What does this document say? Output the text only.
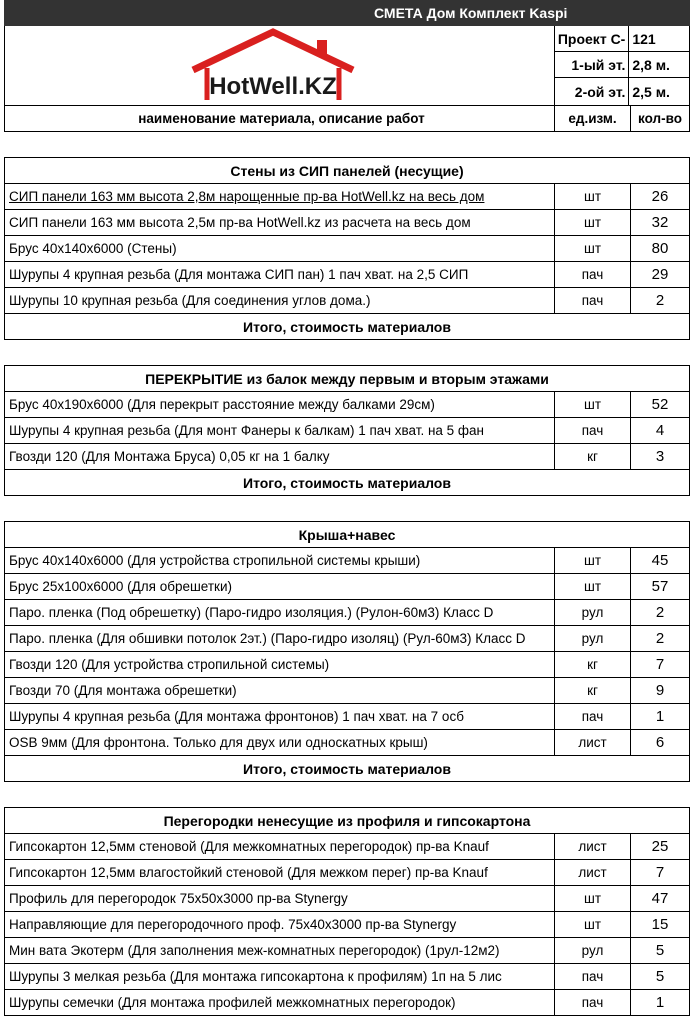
СМЕТА Дом Комплект Kaspi
HotWell.KZ
Проект С- 121
1-ый эт. 2,8 м.
2-ой эт. 2,5 м.
наименование материала, описание работ	ед.изм.	кол-во
Стены из СИП панелей (несущие)
СИП панели 163 мм высота 2,8м нарощенные пр-ва HotWell.kz на весь дом	шт	26
СИП панели 163 мм высота 2,5м пр-ва HotWell.kz из расчета на весь дом	шт	32
Брус 40х140х6000 (Стены)	шт	80
Шурупы 4 крупная резьба (Для монтажа СИП пан) 1 пач хват. на 2,5 СИП	пач	29
Шурупы 10 крупная резьба (Для соединения углов дома.)	пач	2
Итого, стоимость материалов
ПЕРЕКРЫТИЕ из балок между первым и вторым этажами
Брус 40х190х6000 (Для перекрыт расстояние между балками 29см)	шт	52
Шурупы 4 крупная резьба (Для монт Фанеры к балкам) 1 пач хват. на 5 фан	пач	4
Гвозди 120 (Для Монтажа Бруса) 0,05 кг на 1 балку	кг	3
Итого, стоимость материалов
Крыша+навес
Брус 40х140х6000 (Для устройства стропильной системы крыши)	шт	45
Брус 25х100х6000 (Для обрешетки)	шт	57
Паро. пленка (Под обрешетку) (Паро-гидро изоляция.) (Рулон-60м3) Класс D	рул	2
Паро. пленка (Для обшивки потолок 2эт.) (Паро-гидро изоляц) (Рул-60м3) Класс D	рул	2
Гвозди 120 (Для устройства стропильной системы)	кг	7
Гвозди 70 (Для монтажа обрешетки)	кг	9
Шурупы 4 крупная резьба (Для монтажа фронтонов) 1 пач хват. на 7 осб	пач	1
OSB 9мм (Для фронтона. Только для двух или односкатных крыш)	лист	6
Итого, стоимость материалов
Перегородки ненесущие из профиля и гипсокартона
Гипсокартон 12,5мм стеновой (Для межкомнатных перегородок) пр-ва Knauf	лист	25
Гипсокартон 12,5мм влагостойкий стеновой (Для межком перег) пр-ва Knauf	лист	7
Профиль для перегородок 75х50х3000 пр-ва Stynergy	шт	47
Направляющие для перегородочного проф. 75х40х3000 пр-ва Stynergy	шт	15
Мин вата Экотерм (Для заполнения меж-комнатных перегородок) (1рул-12м2)	рул	5
Шурупы 3 мелкая резьба (Для монтажа гипсокартона к профилям) 1п на 5 лис	пач	5
Шурупы семечки (Для монтажа профилей межкомнатных перегородок)	пач	1
